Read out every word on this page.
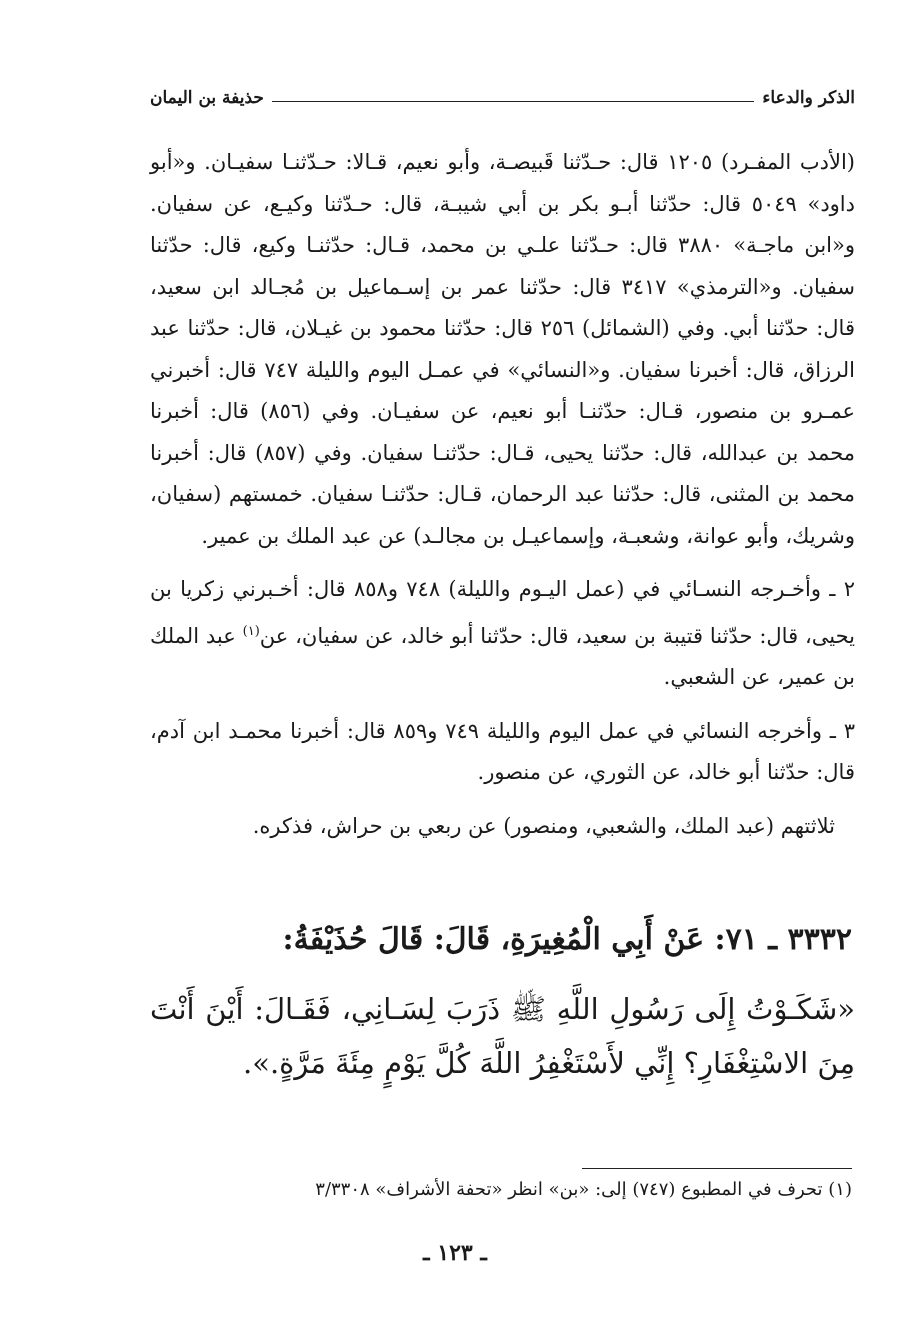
الذكر والدعاء
حذيفة بن اليمان

(الأدب المفـرد) ١٢٠٥ قال: حـدّثنا قَبيصـة، وأبو نعيم، قـالا: حـدّثنـا سفيـان. و«أبو داود» ٥٠٤٩ قال: حدّثنا أبـو بكر بن أبي شيبـة، قال: حـدّثنا وكيـع، عن سفيان. و«ابن ماجـة» ٣٨٨٠ قال: حـدّثنا علـي بن محمد، قـال: حدّثنـا وكيع، قال: حدّثنا سفيان. و«الترمذي» ٣٤١٧ قال: حدّثنا عمر بن إسـماعيل بن مُجـالد ابن سعيد، قال: حدّثنا أبي. وفي (الشمائل) ٢٥٦ قال: حدّثنا محمود بن غيـلان، قال: حدّثنا عبد الرزاق، قال: أخبرنا سفيان. و«النسائي» في عمـل اليوم والليلة ٧٤٧ قال: أخبرني عمـرو بن منصور، قـال: حدّثنـا أبو نعيم، عن سفيـان. وفي (٨٥٦) قال: أخبرنا محمد بن عبدالله، قال: حدّثنا يحيى، قـال: حدّثنـا سفيان. وفي (٨٥٧) قال: أخبرنا محمد بن المثنى، قال: حدّثنا عبد الرحمان، قـال: حدّثنـا سفيان. خمستهم (سفيان، وشريك، وأبو عوانة، وشعبـة، وإسماعيـل بن مجالـد) عن عبد الملك بن عمير.

٢ ـ وأخـرجه النسـائي في (عمل اليـوم والليلة) ٧٤٨ و٨٥٨ قال: أخـبرني زكريا بن يحيى، قال: حدّثنا قتيبة بن سعيد، قال: حدّثنا أبو خالد، عن سفيان، عن$^{(١)}$ عبد الملك بن عمير، عن الشعبي.

٣ ـ وأخرجه النسائي في عمل اليوم والليلة ٧٤٩ و٨٥٩ قال: أخبرنا محمـد ابن آدم، قال: حدّثنا أبو خالد، عن الثوري، عن منصور.

ثلاثتهم (عبد الملك، والشعبي، ومنصور) عن ربعي بن حراش، فذكره.

٣٣٣٢ ـ ٧١: عَنْ أَبِي الْمُغِيرَةِ، قَالَ: قَالَ حُذَيْفَةُ:
«شَكَـوْتُ إِلَى رَسُولِ اللَّهِ ﷺ ذَرَبَ لِسَـانِي، فَقَـالَ: أَيْنَ أَنْتَ مِنَ الاسْتِغْفَارِ؟ إِنِّي لأَسْتَغْفِرُ اللَّهَ كُلَّ يَوْمٍ مِئَةَ مَرَّةٍ.».
(١) تحرف في المطبوع (٧٤٧) إلى: «بن» انظر «تحفة الأشراف» ٣/٣٣٠٨
ـ ١٢٣ ـ
